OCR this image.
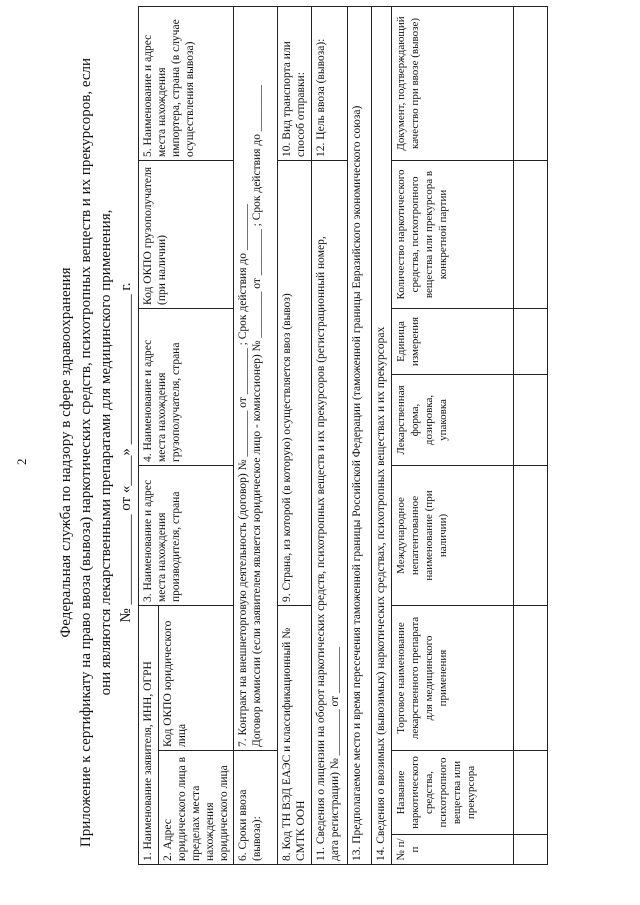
2 Федеральная служба по надзору в сфере здравоохранения Приложение к сертификату на право ввоза (вывоза) наркотических средств, психотропных веществ и их прекурсоров, если они являются лекарственными препаратами для медицинского применения, № ____________ от «____» ____________________ г.
1. Наименование заявителя, ИНН, ОГРН			3. Наименование и адрес места нахождения производителя, страна	4. Наименование и адрес места нахождения грузополучателя, страна		Код ОКПО грузополучателя (при наличии)	5. Наименование и адрес места нахождения импортера, страна (в случае осуществления вывоза)
2. Адрес юридического лица в пределах места нахождения юридического лица		Код ОКПО юридического лица					

6. Сроки ввоза (вывоза):		7. Контракт на внешнеторговую деятельность (договор) № ________ от ________ ; Срок действия до ________ Договор комиссии (если заявителем является юридическое лицо - комиссионер) № ________ от ________ ; Срок действия до ________					

8. Код ТН ВЭД ЕАЭС и классификационный № СМТК ООН			9. Страна, из которой (в которую) осуществляется ввоз (вывоз)				10. Вид транспорта или способ отправки:

11. Сведения о лицензии на оборот наркотических средств, психотропных веществ и их прекурсоров (регистрационный номер, дата регистрации) № ________ от ________							12. Цель ввоза (вывоза):
13. Предполагаемое место и время пересечения таможенной границы Российской Федерации (таможенной границы Евразийского экономического союза)							
14. Сведения о ввозимых (вывозимых) наркотических средствах, психотропных веществах и их прекурсорах							
№ п/п	Название наркотического средства, психотропного вещества или прекурсора	Торговое наименование лекарственного препарата для медицинского применения	Международное непатентованное наименование (при наличии)	Лекарственная форма, дозировка, упаковка	Единица измерения	Количество наркотического средства, психотропного вещества или прекурсора в конкретной партии	Документ, подтверждающий качество при ввозе (вывозе)
